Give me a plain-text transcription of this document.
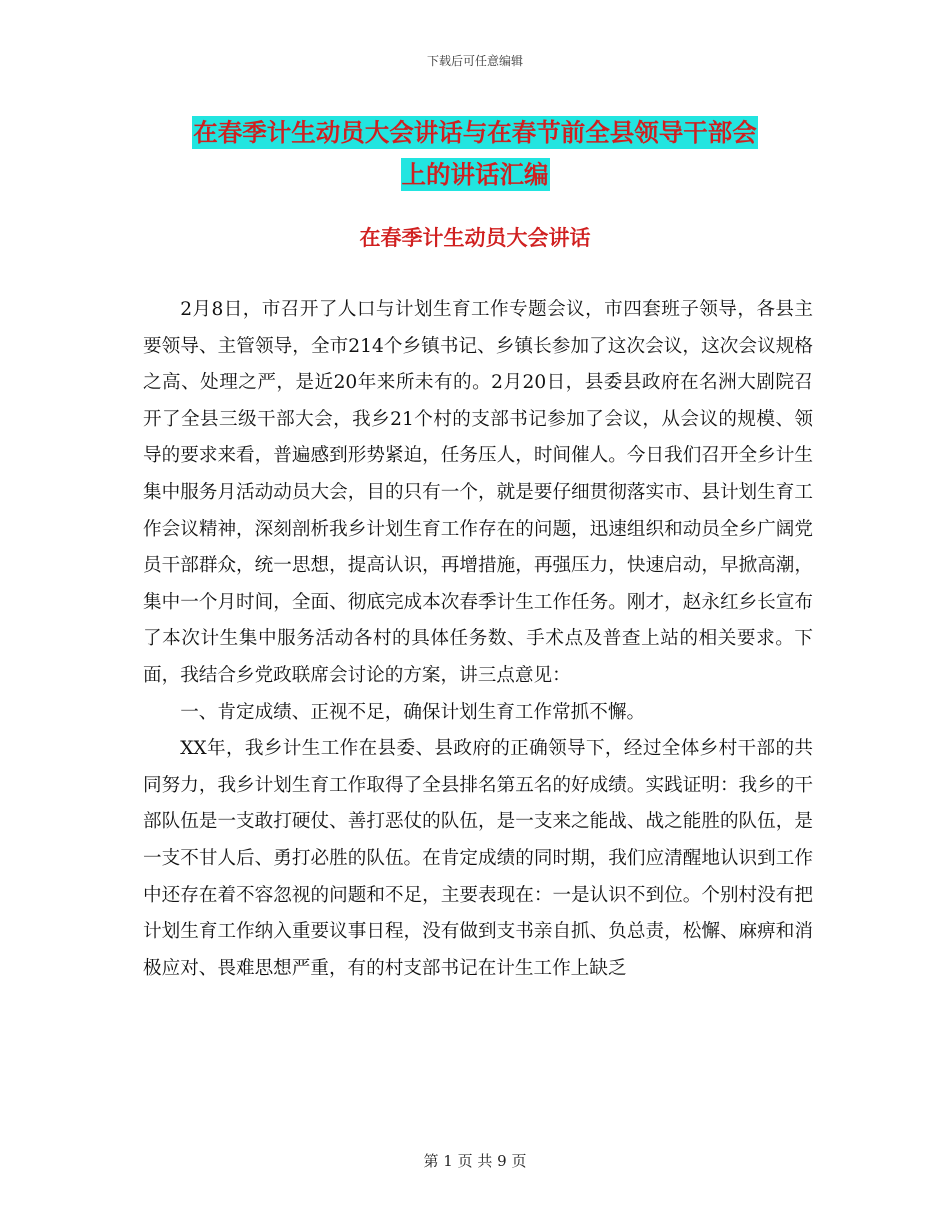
下载后可任意编辑
在春季计生动员大会讲话与在春节前全县领导干部会
上的讲话汇编
在春季计生动员大会讲话

2月8日，市召开了人口与计划生育工作专题会议，市四套班子领导，各县主要领导、主管领导，全市214个乡镇书记、乡镇长参加了这次会议，这次会议规格之高、处理之严，是近20年来所未有的。2月20日，县委县政府在名洲大剧院召开了全县三级干部大会，我乡21个村的支部书记参加了会议，从会议的规模、领导的要求来看，普遍感到形势紧迫，任务压人，时间催人。今日我们召开全乡计生集中服务月活动动员大会，目的只有一个，就是要仔细贯彻落实市、县计划生育工作会议精神，深刻剖析我乡计划生育工作存在的问题，迅速组织和动员全乡广阔党员干部群众，统一思想，提高认识，再增措施，再强压力，快速启动，早掀高潮，集中一个月时间，全面、彻底完成本次春季计生工作任务。刚才，赵永红乡长宣布了本次计生集中服务活动各村的具体任务数、手术点及普查上站的相关要求。下面，我结合乡党政联席会讨论的方案，讲三点意见：

一、肯定成绩、正视不足，确保计划生育工作常抓不懈。

XX年，我乡计生工作在县委、县政府的正确领导下，经过全体乡村干部的共同努力，我乡计划生育工作取得了全县排名第五名的好成绩。实践证明：我乡的干部队伍是一支敢打硬仗、善打恶仗的队伍，是一支来之能战、战之能胜的队伍，是一支不甘人后、勇打必胜的队伍。在肯定成绩的同时期，我们应清醒地认识到工作中还存在着不容忽视的问题和不足，主要表现在：一是认识不到位。个别村没有把计划生育工作纳入重要议事日程，没有做到支书亲自抓、负总责，松懈、麻痹和消极应对、畏难思想严重，有的村支部书记在计生工作上缺乏

第 1 页 共 9 页
